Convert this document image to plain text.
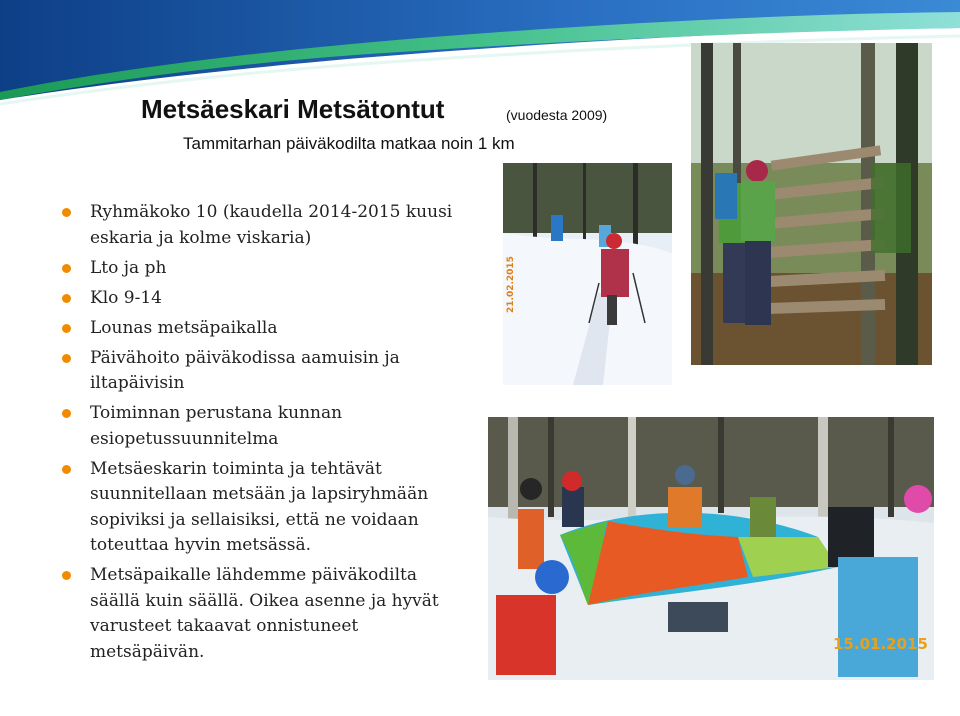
Metsäeskari Metsätontut	(vuodesta 2009)
Tammitarhan päiväkodilta matkaa noin 1 km
Ryhmäkoko 10 (kaudella 2014-2015 kuusi eskaria ja kolme viskaria)
Lto ja ph
Klo 9-14
Lounas metsäpaikalla
Päivähoito päiväkodissa aamuisin ja iltapäivisin
Toiminnan perustana kunnan esiopetussuunnitelma
Metsäeskarin toiminta ja tehtävät suunnitellaan metsään ja lapsiryhmään sopiviksi ja sellaisiksi, että ne voidaan toteuttaa hyvin metsässä.
Metsäpaikalle lähdemme päiväkodilta säällä kuin säällä. Oikea asenne ja hyvät varusteet takaavat onnistuneet metsäpäivän.
21.02.2015
15.01.2015
